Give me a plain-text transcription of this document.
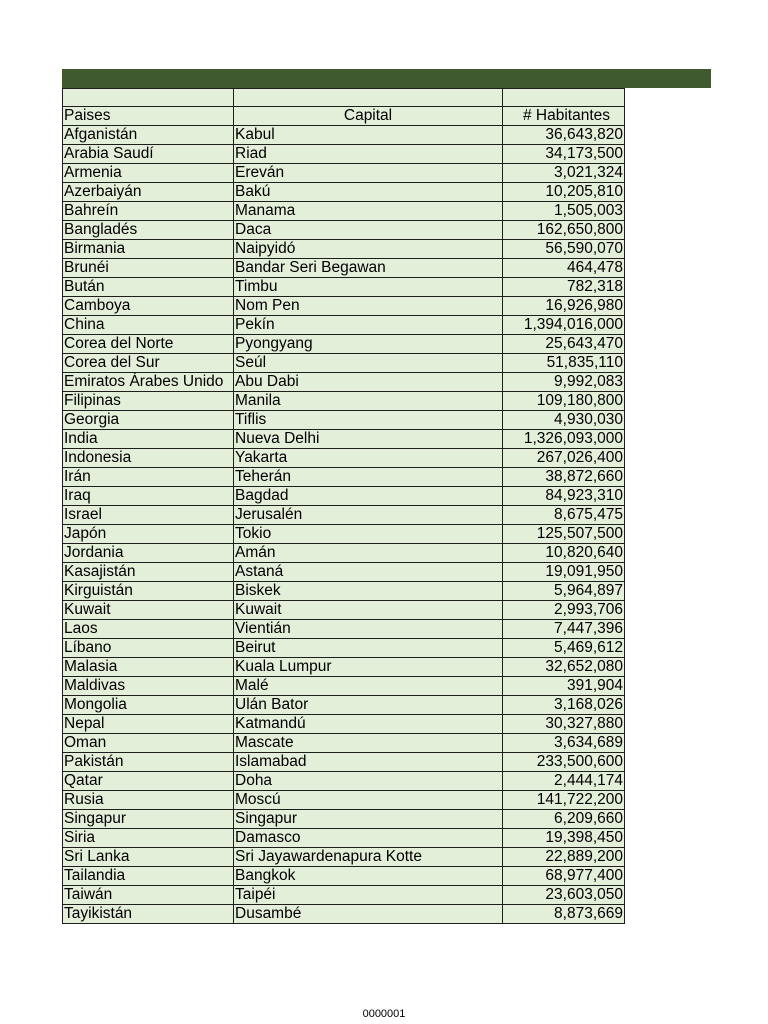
Paises	Capital	# Habitantes
Afganistán	Kabul	36,643,820
Arabia Saudí	Riad	34,173,500
Armenia	Ereván	3,021,324
Azerbaiyán	Bakú	10,205,810
Bahreín	Manama	1,505,003
Bangladés	Daca	162,650,800
Birmania	Naipyidó	56,590,070
Brunéi	Bandar Seri Begawan	464,478
Bután	Timbu	782,318
Camboya	Nom Pen	16,926,980
China	Pekín	1,394,016,000
Corea del Norte	Pyongyang	25,643,470
Corea del Sur	Seúl	51,835,110
Emiratos Árabes Unido	Abu Dabi	9,992,083
Filipinas	Manila	109,180,800
Georgia	Tiflis	4,930,030
India	Nueva Delhi	1,326,093,000
Indonesia	Yakarta	267,026,400
Irán	Teherán	38,872,660
Iraq	Bagdad	84,923,310
Israel	Jerusalén	8,675,475
Japón	Tokio	125,507,500
Jordania	Amán	10,820,640
Kasajistán	Astaná	19,091,950
Kirguistán	Biskek	5,964,897
Kuwait	Kuwait	2,993,706
Laos	Vientián	7,447,396
Líbano	Beirut	5,469,612
Malasia	Kuala Lumpur	32,652,080
Maldivas	Malé	391,904
Mongolia	Ulán Bator	3,168,026
Nepal	Katmandú	30,327,880
Oman	Mascate	3,634,689
Pakistán	Islamabad	233,500,600
Qatar	Doha	2,444,174
Rusia	Moscú	141,722,200
Singapur	Singapur	6,209,660
Siria	Damasco	19,398,450
Sri Lanka	Sri Jayawardenapura Kotte	22,889,200
Tailandia	Bangkok	68,977,400
Taiwán	Taipéi	23,603,050
Tayikistán	Dusambé	8,873,669
0000001
